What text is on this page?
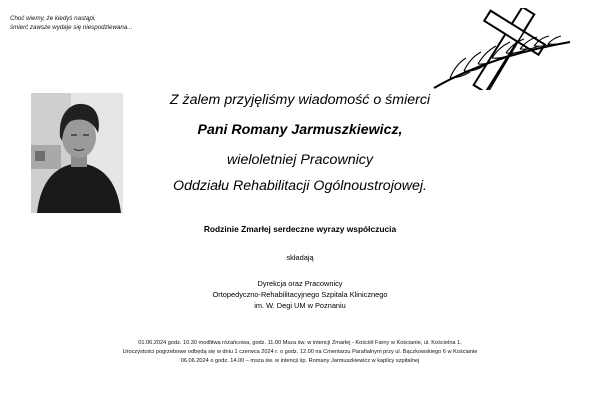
Choć wiemy, że kiedyś nastąpi,
śmierć zawsze wydaje się niespodziewana...
Z żalem przyjęliśmy wiadomość o śmierci
Pani Romany Jarmuszkiewicz,
wieloletniej Pracownicy
Oddziału Rehabilitacji Ogólnoustrojowej.
Rodzinie Zmarłej serdeczne wyrazy współczucia
składają
Dyrekcja oraz Pracownicy
Ortopedyczno-Rehabilitacyjnego Szpitala Klinicznego
im. W. Degi UM w Poznaniu
01.06.2024 godz. 10.30 modlitwa różańcowa, godz. 11.00 Msza św. w intencji Zmarłej - Kościół Farny w Kościanie, ul. Kościelna 1,
Uroczystości pogrzebowe odbędą się w dniu 1 czerwca 2024 r. o godz. 12.00 na Cmentarzu Parafialnym przy ul. Bączkowskiego 6 w Kościanie
06.06.2024 o godz. 14.00 – msza św. w intencji śp. Romany Jarmuszkiewicz w kaplicy szpitalnej
